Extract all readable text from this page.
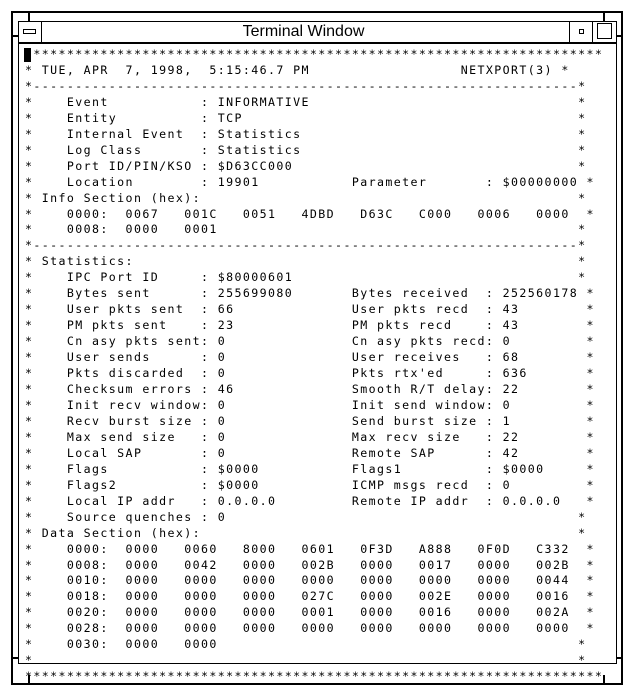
Terminal Window
*********************************************************************
* TUE, APR  7, 1998,  5:15:46.7 PM                  NETXPORT(3) *
*-----------------------------------------------------------------*
*    Event           : INFORMATIVE                                *
*    Entity          : TCP                                        *
*    Internal Event  : Statistics                                 *
*    Log Class       : Statistics                                 *
*    Port ID/PIN/KSO : $D63CC000                                  *
*    Location        : 19901           Parameter       : $00000000 *
* Info Section (hex):                                             *
*    0000:  0067   001C   0051   4DBD   D63C   C000   0006   0000  *
*    0008:  0000   0001                                           *
*-----------------------------------------------------------------*
* Statistics:                                                     *
*    IPC Port ID     : $80000601                                  *
*    Bytes sent      : 255699080       Bytes received  : 252560178 *
*    User pkts sent  : 66              User pkts recd  : 43        *
*    PM pkts sent    : 23              PM pkts recd    : 43        *
*    Cn asy pkts sent: 0               Cn asy pkts recd: 0         *
*    User sends      : 0               User receives   : 68        *
*    Pkts discarded  : 0               Pkts rtx'ed     : 636       *
*    Checksum errors : 46              Smooth R/T delay: 22        *
*    Init recv window: 0               Init send window: 0         *
*    Recv burst size : 0               Send burst size : 1         *
*    Max send size   : 0               Max recv size   : 22        *
*    Local SAP       : 0               Remote SAP      : 42        *
*    Flags           : $0000           Flags1          : $0000     *
*    Flags2          : $0000           ICMP msgs recd  : 0         *
*    Local IP addr   : 0.0.0.0         Remote IP addr  : 0.0.0.0   *
*    Source quenches : 0                                          *
* Data Section (hex):                                             *
*    0000:  0000   0060   8000   0601   0F3D   A888   0F0D   C332  *
*    0008:  0000   0042   0000   002B   0000   0017   0000   002B  *
*    0010:  0000   0000   0000   0000   0000   0000   0000   0044  *
*    0018:  0000   0000   0000   027C   0000   002E   0000   0016  *
*    0020:  0000   0000   0000   0001   0000   0016   0000   002A  *
*    0028:  0000   0000   0000   0000   0000   0000   0000   0000  *
*    0030:  0000   0000                                           *
*                                                                 *
*********************************************************************
